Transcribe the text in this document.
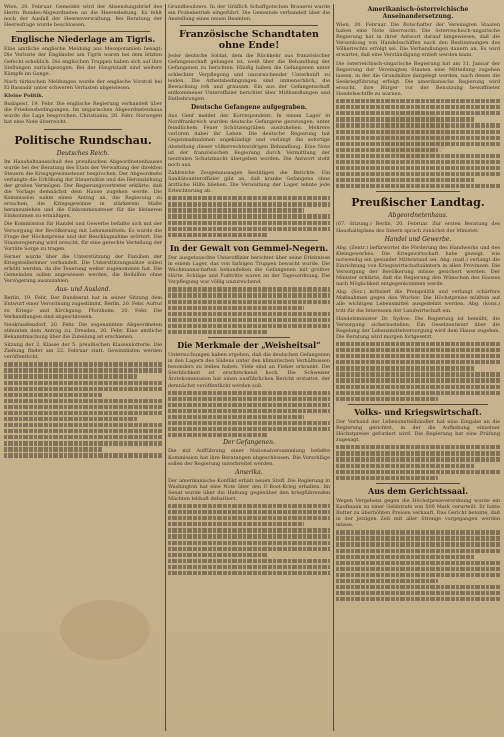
Wien, 20. Februar. Gemeldet wird der Absendungsbrief des Herrn Bundes-Abgeordneten an die Heeresleitung. Es fehlt noch der Ausfall der Heeresverwaltung. Bei Beratung der Heeresfrage wurde beschlossen.

Englische Niederlage am Tigris.

Eine amtliche englische Meldung aus Mesopotamien besagt: Die Verluste der Engländer am Tigris waren bei dem letzten Gefecht erheblich. Die englischen Truppen haben sich auf ihre Stellungen zurückgezogen. Bei der Hauptstadt sind weitere Kämpfe im Gange.

Nach türkischen Meldungen wurde der englische Vorstoß bei El Bassadir unter schweren Verlusten abgewiesen.

Kleine Politik.

Budapest, 19. Febr. Die englische Regierung verhandelt über die Friedensbedingungen. Im ungarischen Abgeordnetenhaus wurde die Lage besprochen. Christiania, 20. Febr. Norwegen hat eine Note überreicht.

Politische Rundschau.
Deutsches Reich.

Im Haushaltsausschuß des preußischen Abgeordnetenhauses wurde bei der Beratung des Etats der Verwaltung der direkten Steuern die Kriegsgewinnsteuer besprochen. Der Abgeordnete verlangte die Erhöhung der Steuersätze und die Heranziehung der großen Vermögen. Der Regierungsvertreter erklärte, daß die Vorlage demnächst dem Hause zugehen werde. Die Kommission nahm einen Antrag an, die Regierung zu ersuchen, die Kriegsgewinne in stärkerem Maße heranzuziehen und die Einkommensteuer für die kleineren Einkommen zu ermäßigen.

Die Kommission für Handel und Gewerbe befaßte sich mit der Versorgung der Bevölkerung mit Lebensmitteln. Es wurde die Frage der Höchstpreise und der Beschlagnahme erörtert. Die Staatsregierung wird ersucht, für eine gerechte Verteilung der Vorräte Sorge zu tragen.

Ferner wurde über die Unterstützung der Familien der Kriegsteilnehmer verhandelt. Die Unterstützungssätze sollen erhöht werden, da die Teuerung weiter zugenommen hat. Die Gemeinden sollen angewiesen werden, die Beihilfen ohne Verzögerung auszuzahlen.

Aus- und Ausland.

Berlin, 19. Febr. Der Bundesrat hat in seiner Sitzung dem Entwurf einer Verordnung zugestimmt. Berlin, 20. Febr. Aufruf zu Kriegs- und Kirchgang. Pforzheim, 20. Febr. Die Verhandlungen sind abgeschlossen.

Neukraußendorf, 20. Febr. Die sogenannten Abgeordneten stimmten dem Antrag zu. Dresden, 20. Febr. Eine amtliche Bekanntmachung über die Zuteilung ist erschienen.

Sitzung der 2. Klasse der 5. preußischen Klassenlotterie. Die Ziehung findet am 22. Februar statt. Gewinnlisten werden veröffentlicht.

Grundbesitzers. In der Gräflich Schaffgotschen Brauerei wurde ein Probebetrieb eingeführt. Die Gemeinde verhandelt über die Anstellung eines neuen Beamten.

Französische Schandtaten ohne Ende!

Jeder deutsche Soldat, dem die Rückkehr aus französischer Gefangenschaft gelungen ist, weiß über die Behandlung der Gefangenen zu berichten. Häufig haben die Gefangenen unter schlechter Verpflegung und unzureichender Unterkunft zu leiden. Die Arbeitsbedingungen sind unmenschlich, die Bewachung roh und grausam. Ein aus der Gefangenschaft entkommener Unteroffizier berichtet über Mißhandlungen und Entbehrungen.

Deutsche Gefangene aufgegraben.

Aus Genf meldet der Korrespondent: In einem Lager in Nordfrankreich wurden deutsche Gefangene gezwungen, unter feindlichem Feuer Schützengräben auszuheben. Mehrere verloren dabei ihr Leben. Die deutsche Regierung hat Gegenmaßnahmen angekündigt und verlangt die sofortige Abstellung dieser völkerrechtswidrigen Behandlung. Eine Note ist der französischen Regierung durch Vermittlung der neutralen Schutzmacht übergeben worden. Die Antwort steht noch aus.

Zahlreiche Zeugenaussagen bestätigen die Berichte. Ein Sanitätsunteroffizier gibt an, daß kranke Gefangene ohne ärztliche Hilfe blieben. Die Verwaltung der Lager lehnte jede Erleichterung ab.

In der Gewalt von Gemmel-Negern.

Der ausgetauschte Unteroffizier berichtet über seine Erlebnisse in einem Lager, das von farbigen Truppen bewacht wurde. Die Wachmannschaften behandelten die Gefangenen mit größter Härte. Schläge und Fußtritte waren an der Tagesordnung. Die Verpflegung war völlig unzureichend.

Die Merkmale der „Weisheitsal“

Untersuchungen haben ergeben, daß die deutschen Gefangenen in den Lagern des Südens unter den klimatischen Verhältnissen besonders zu leiden haben. Viele sind an Fieber erkrankt. Die Sterblichkeit ist erschreckend hoch. Die Schweizer Ärztekommission hat einen ausführlichen Bericht erstattet, der demnächst veröffentlicht werden soll.

Der Gefangenen.

Die mit Aufführung einer Nationalversammlung befaßte Kommission hat ihre Beratungen abgeschlossen. Die Vorschläge sollen der Regierung unterbreitet werden.

Amerika.

Der amerikanische Konflikt erhält neuen Stoff. Die Regierung in Washington hat eine Note über den U-Boot-Krieg erhalten. Im Senat wurde über die Haltung gegenüber den kriegführenden Mächten lebhaft debattiert.

Amerikanisch-österreichische Auseinandersetzung.

Wien, 20. Februar. Die Botschafter der Vereinigten Staaten haben eine Note überreicht. Die österreichisch-ungarische Regierung hat in ihrer Antwort darauf hingewiesen, daß die Versenkung von Handelsschiffen nach den Bestimmungen des Völkerrechts erfolgt sei. Die Verhandlungen dauern an. Es wird erwartet, daß eine Verständigung erzielt werden kann.

Die österreichisch-ungarische Regierung hat am 31. Januar der Regierung der Vereinigten Staaten eine Mitteilung zugehen lassen, in der die Grundsätze dargelegt werden, nach denen die Seekriegführung erfolgt. Die amerikanische Regierung wird ersucht, ihre Bürger vor der Benutzung bewaffneter Handelsschiffe zu warnen.

Preußischer Landtag.
Abgeordnetenhaus.

(67. Sitzung.) Berlin, 20. Februar. Zur ersten Beratung des Haushaltsplans des Innern sprach zunächst der Minister.

Handel und Gewerbe.

Abg. (Zentr.) befürwortet die Förderung des Handwerks und des Kleingewerbes. Die Kriegswirtschaft habe gezeigt, wie notwendig ein gesunder Mittelstand sei. Abg. (natl.) verlangt die Einrichtung von Kriegswirtschaftsämtern in allen Provinzen. Die Versorgung der Bevölkerung müsse gesichert werden. Der Minister erklärte, daß die Regierung den Wünschen des Hauses nach Möglichkeit entgegenkommen werde.

Abg. (Soz.) kritisiert die Preispolitik und verlangt schärfere Maßnahmen gegen den Wucher. Die Höchstpreise müßten auf alle wichtigen Lebensmittel ausgedehnt werden. Abg. (kons.) tritt für die Interessen der Landwirtschaft ein.

Handelsminister Dr. Sydow: Die Regierung ist bemüht, die Versorgung sicherzustellen. Ein Gesetzentwurf über die Regelung der Lebensmittelversorgung wird dem Hause zugehen. Die Beratung wird morgen fortgesetzt.

Volks- und Kriegswirtschaft.

Der Verband der Lebensmittelhändler hat eine Eingabe an die Regierung gerichtet, in der die Aufhebung einzelner Höchstpreise gefordert wird. Die Regierung hat eine Prüfung zugesagt.

Aus dem Gerichtssaal.

Wegen Vergehens gegen die Höchstpreisverordnung wurde ein Kaufmann zu einer Geldstrafe von 500 Mark verurteilt. Er hatte Butter zu überhöhten Preisen verkauft. Das Gericht betonte, daß in der jetzigen Zeit mit aller Strenge vorgegangen werden müsse.
